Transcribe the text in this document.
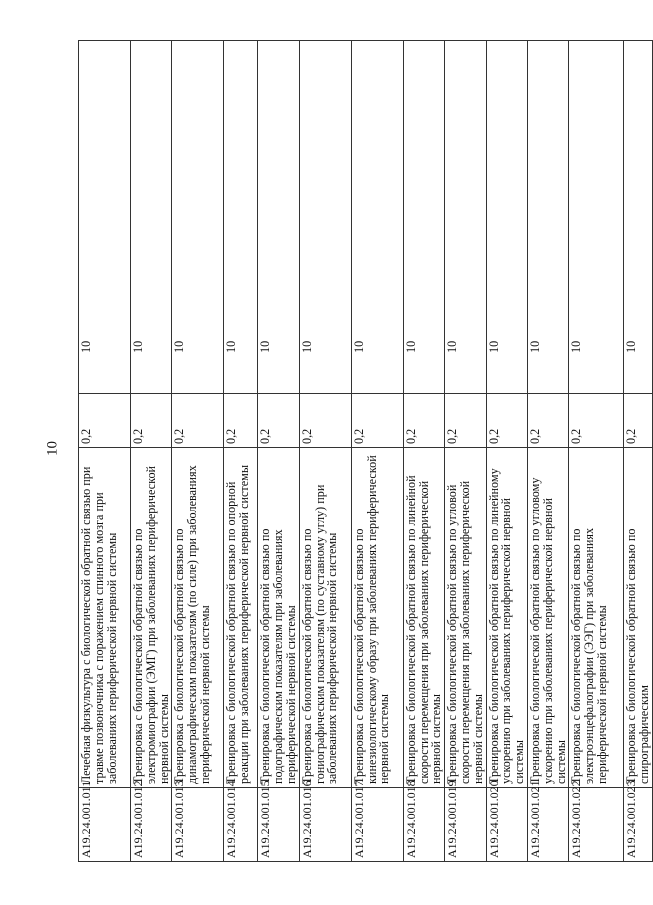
10
A19.24.001.011	Лечебная физкультура с биологической обратной связью при травме позвоночника с поражением спинного мозга при заболеваниях периферической нервной системы	0,2	10
A19.24.001.012	Тренировка с биологической обратной связью по электромиографии (ЭМГ) при заболеваниях периферической нервной системы	0,2	10
A19.24.001.013	Тренировка с биологической обратной связью по динамографическим показателям (по силе) при заболеваниях периферической нервной системы	0,2	10
A19.24.001.014	Тренировка с биологической обратной связью по опорной реакции при заболеваниях периферической нервной системы	0,2	10
A19.24.001.015	Тренировка с биологической обратной связью по подографическим показателям при заболеваниях периферической нервной системы	0,2	10
A19.24.001.016	Тренировка с биологической обратной связью по гониографическим показателям (по суставному углу) при заболеваниях периферической нервной системы	0,2	10
A19.24.001.017	Тренировка с биологической обратной связью по кинезиологическому образу при заболеваниях периферической нервной системы	0,2	10
A19.24.001.018	Тренировка с биологической обратной связью по линейной скорости перемещения при заболеваниях периферической нервной системы	0,2	10
A19.24.001.019	Тренировка с биологической обратной связью по угловой скорости перемещения при заболеваниях периферической нервной системы	0,2	10
A19.24.001.020	Тренировка с биологической обратной связью по линейному ускорению при заболеваниях периферической нервной системы	0,2	10
A19.24.001.021	Тренировка с биологической обратной связью по угловому ускорению при заболеваниях периферической нервной системы	0,2	10
A19.24.001.022	Тренировка с биологической обратной связью по электроэнцефалографии (ЭЭГ) при заболеваниях периферической нервной системы	0,2	10
A19.24.001.023	Тренировка с биологической обратной связью по спирографическим	0,2	10
